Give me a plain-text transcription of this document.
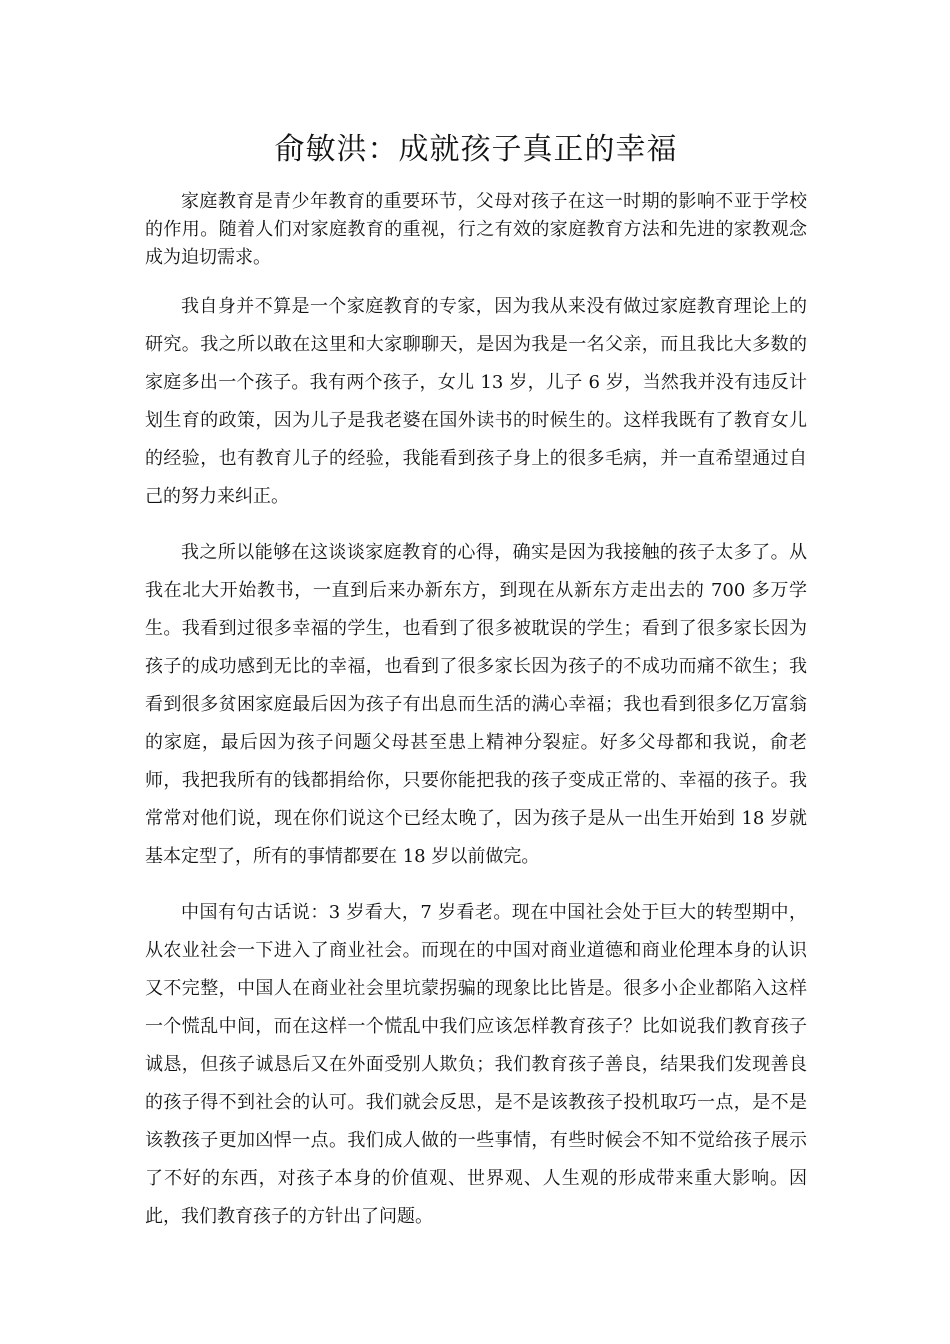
俞敏洪：成就孩子真正的幸福

家庭教育是青少年教育的重要环节，父母对孩子在这一时期的影响不亚于学校的作用。随着人们对家庭教育的重视，行之有效的家庭教育方法和先进的家教观念成为迫切需求。

我自身并不算是一个家庭教育的专家，因为我从来没有做过家庭教育理论上的研究。我之所以敢在这里和大家聊聊天，是因为我是一名父亲，而且我比大多数的家庭多出一个孩子。我有两个孩子，女儿 13 岁，儿子 6 岁，当然我并没有违反计划生育的政策，因为儿子是我老婆在国外读书的时候生的。这样我既有了教育女儿的经验，也有教育儿子的经验，我能看到孩子身上的很多毛病，并一直希望通过自己的努力来纠正。

我之所以能够在这谈谈家庭教育的心得，确实是因为我接触的孩子太多了。从我在北大开始教书，一直到后来办新东方，到现在从新东方走出去的 700 多万学生。我看到过很多幸福的学生，也看到了很多被耽误的学生；看到了很多家长因为孩子的成功感到无比的幸福，也看到了很多家长因为孩子的不成功而痛不欲生；我看到很多贫困家庭最后因为孩子有出息而生活的满心幸福；我也看到很多亿万富翁的家庭，最后因为孩子问题父母甚至患上精神分裂症。好多父母都和我说，俞老师，我把我所有的钱都捐给你，只要你能把我的孩子变成正常的、幸福的孩子。我常常对他们说，现在你们说这个已经太晚了，因为孩子是从一出生开始到 18 岁就基本定型了，所有的事情都要在 18 岁以前做完。

中国有句古话说：3 岁看大，7 岁看老。现在中国社会处于巨大的转型期中，从农业社会一下进入了商业社会。而现在的中国对商业道德和商业伦理本身的认识又不完整，中国人在商业社会里坑蒙拐骗的现象比比皆是。很多小企业都陷入这样一个慌乱中间，而在这样一个慌乱中我们应该怎样教育孩子？比如说我们教育孩子诚恳，但孩子诚恳后又在外面受别人欺负；我们教育孩子善良，结果我们发现善良的孩子得不到社会的认可。我们就会反思，是不是该教孩子投机取巧一点，是不是该教孩子更加凶悍一点。我们成人做的一些事情，有些时候会不知不觉给孩子展示了不好的东西，对孩子本身的价值观、世界观、人生观的形成带来重大影响。因此，我们教育孩子的方针出了问题。
